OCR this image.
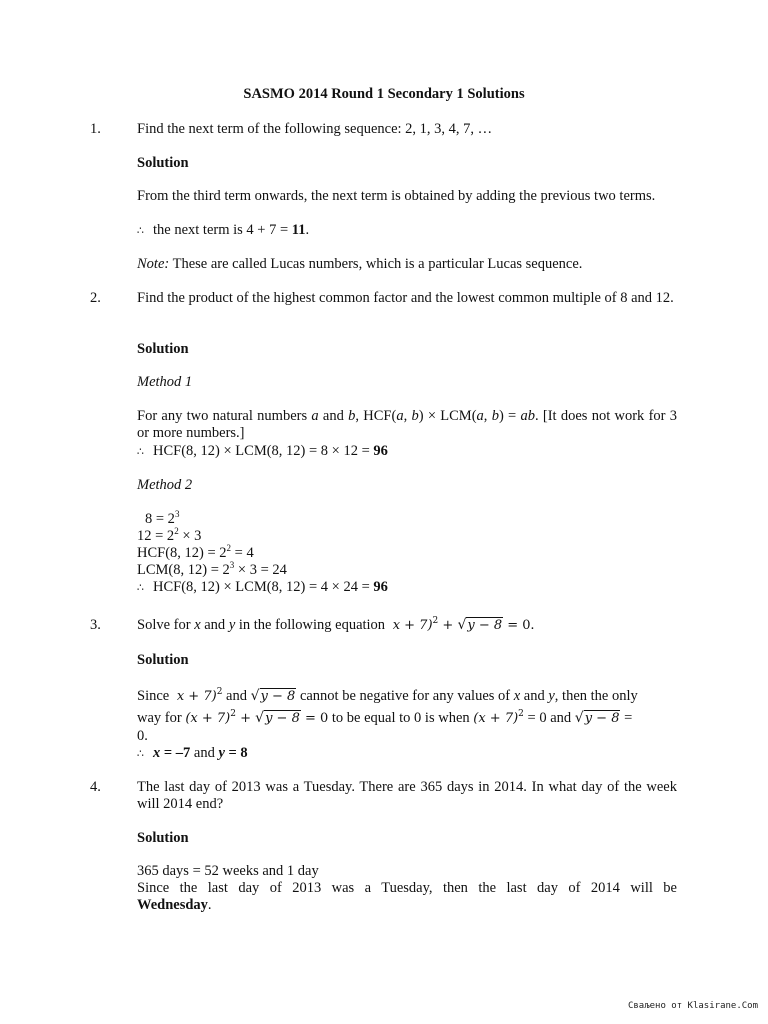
SASMO 2014 Round 1 Secondary 1 Solutions
1. Find the next term of the following sequence: 2, 1, 3, 4, 7, …
Solution
From the third term onwards, the next term is obtained by adding the previous two terms.
∴ the next term is 4 + 7 = 11.
Note: These are called Lucas numbers, which is a particular Lucas sequence.
2. Find the product of the highest common factor and the lowest common multiple of 8 and 12.
Solution
Method 1
For any two natural numbers a and b, HCF(a, b) × LCM(a, b) = ab. [It does not work for 3 or more numbers.]
∴ HCF(8, 12) × LCM(8, 12) = 8 × 12 = 96
Method 2
$8 = 2^3$
$12 = 2^2 \times 3$
HCF(8, $12) = 2^2 = 4$
LCM(8, $12) = 2^3 \times 3 = 24$
∴ HCF(8, 12) × LCM(8, 12) = 4 × 24 = 96
3. Solve for x and y in the following equation x + 7)$^2$ + √y − 8 = 0.
Solution
Since x + 7)$^2$ and √y − 8 cannot be negative for any values of x and y, then the only
way for $(x + 7)^2 + √y - 8 = 0$ to be equal to 0 is when $(x + 7)^2 = 0$ and √y − 8 =
0.
∴ x = –7 and y = 8
4. The last day of 2013 was a Tuesday. There are 365 days in 2014. In what day of the week will 2014 end?
Solution
365 days = 52 weeks and 1 day
Since the last day of 2013 was a Tuesday, then the last day of 2014 will be
Wednesday.
Сваљено от Klasirane.Com
